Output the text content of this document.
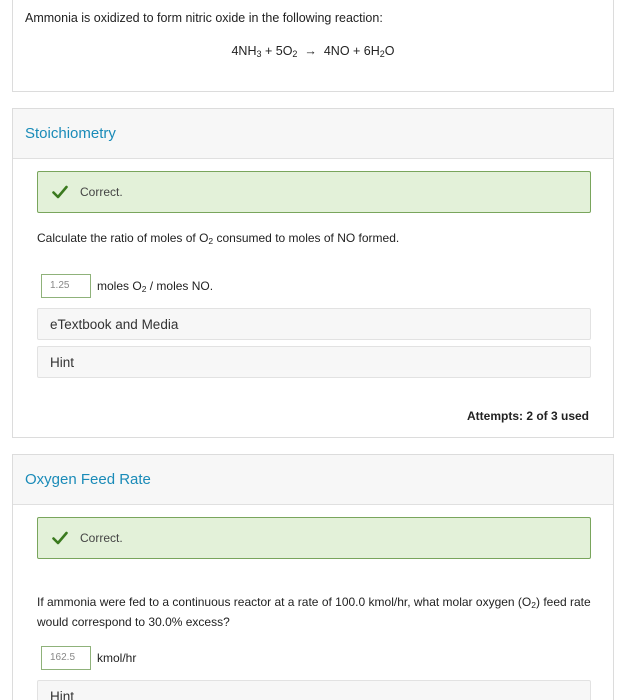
Ammonia is oxidized to form nitric oxide in the following reaction:
$4NH_3 + 5O_2 \to 4NO + 6H_2O$
Stoichiometry
Correct.
Calculate the ratio of moles of $O_2$ consumed to moles of NO formed.
1.25	moles $O_2$ / moles NO.
eTextbook and Media
Hint
Attempts: 2 of 3 used
Oxygen Feed Rate
Correct.
If ammonia were fed to a continuous reactor at a rate of 100.0 kmol/hr, what molar oxygen $(O_2)$ feed rate would correspond to 30.0% excess?
162.5	kmol/hr
Hint
